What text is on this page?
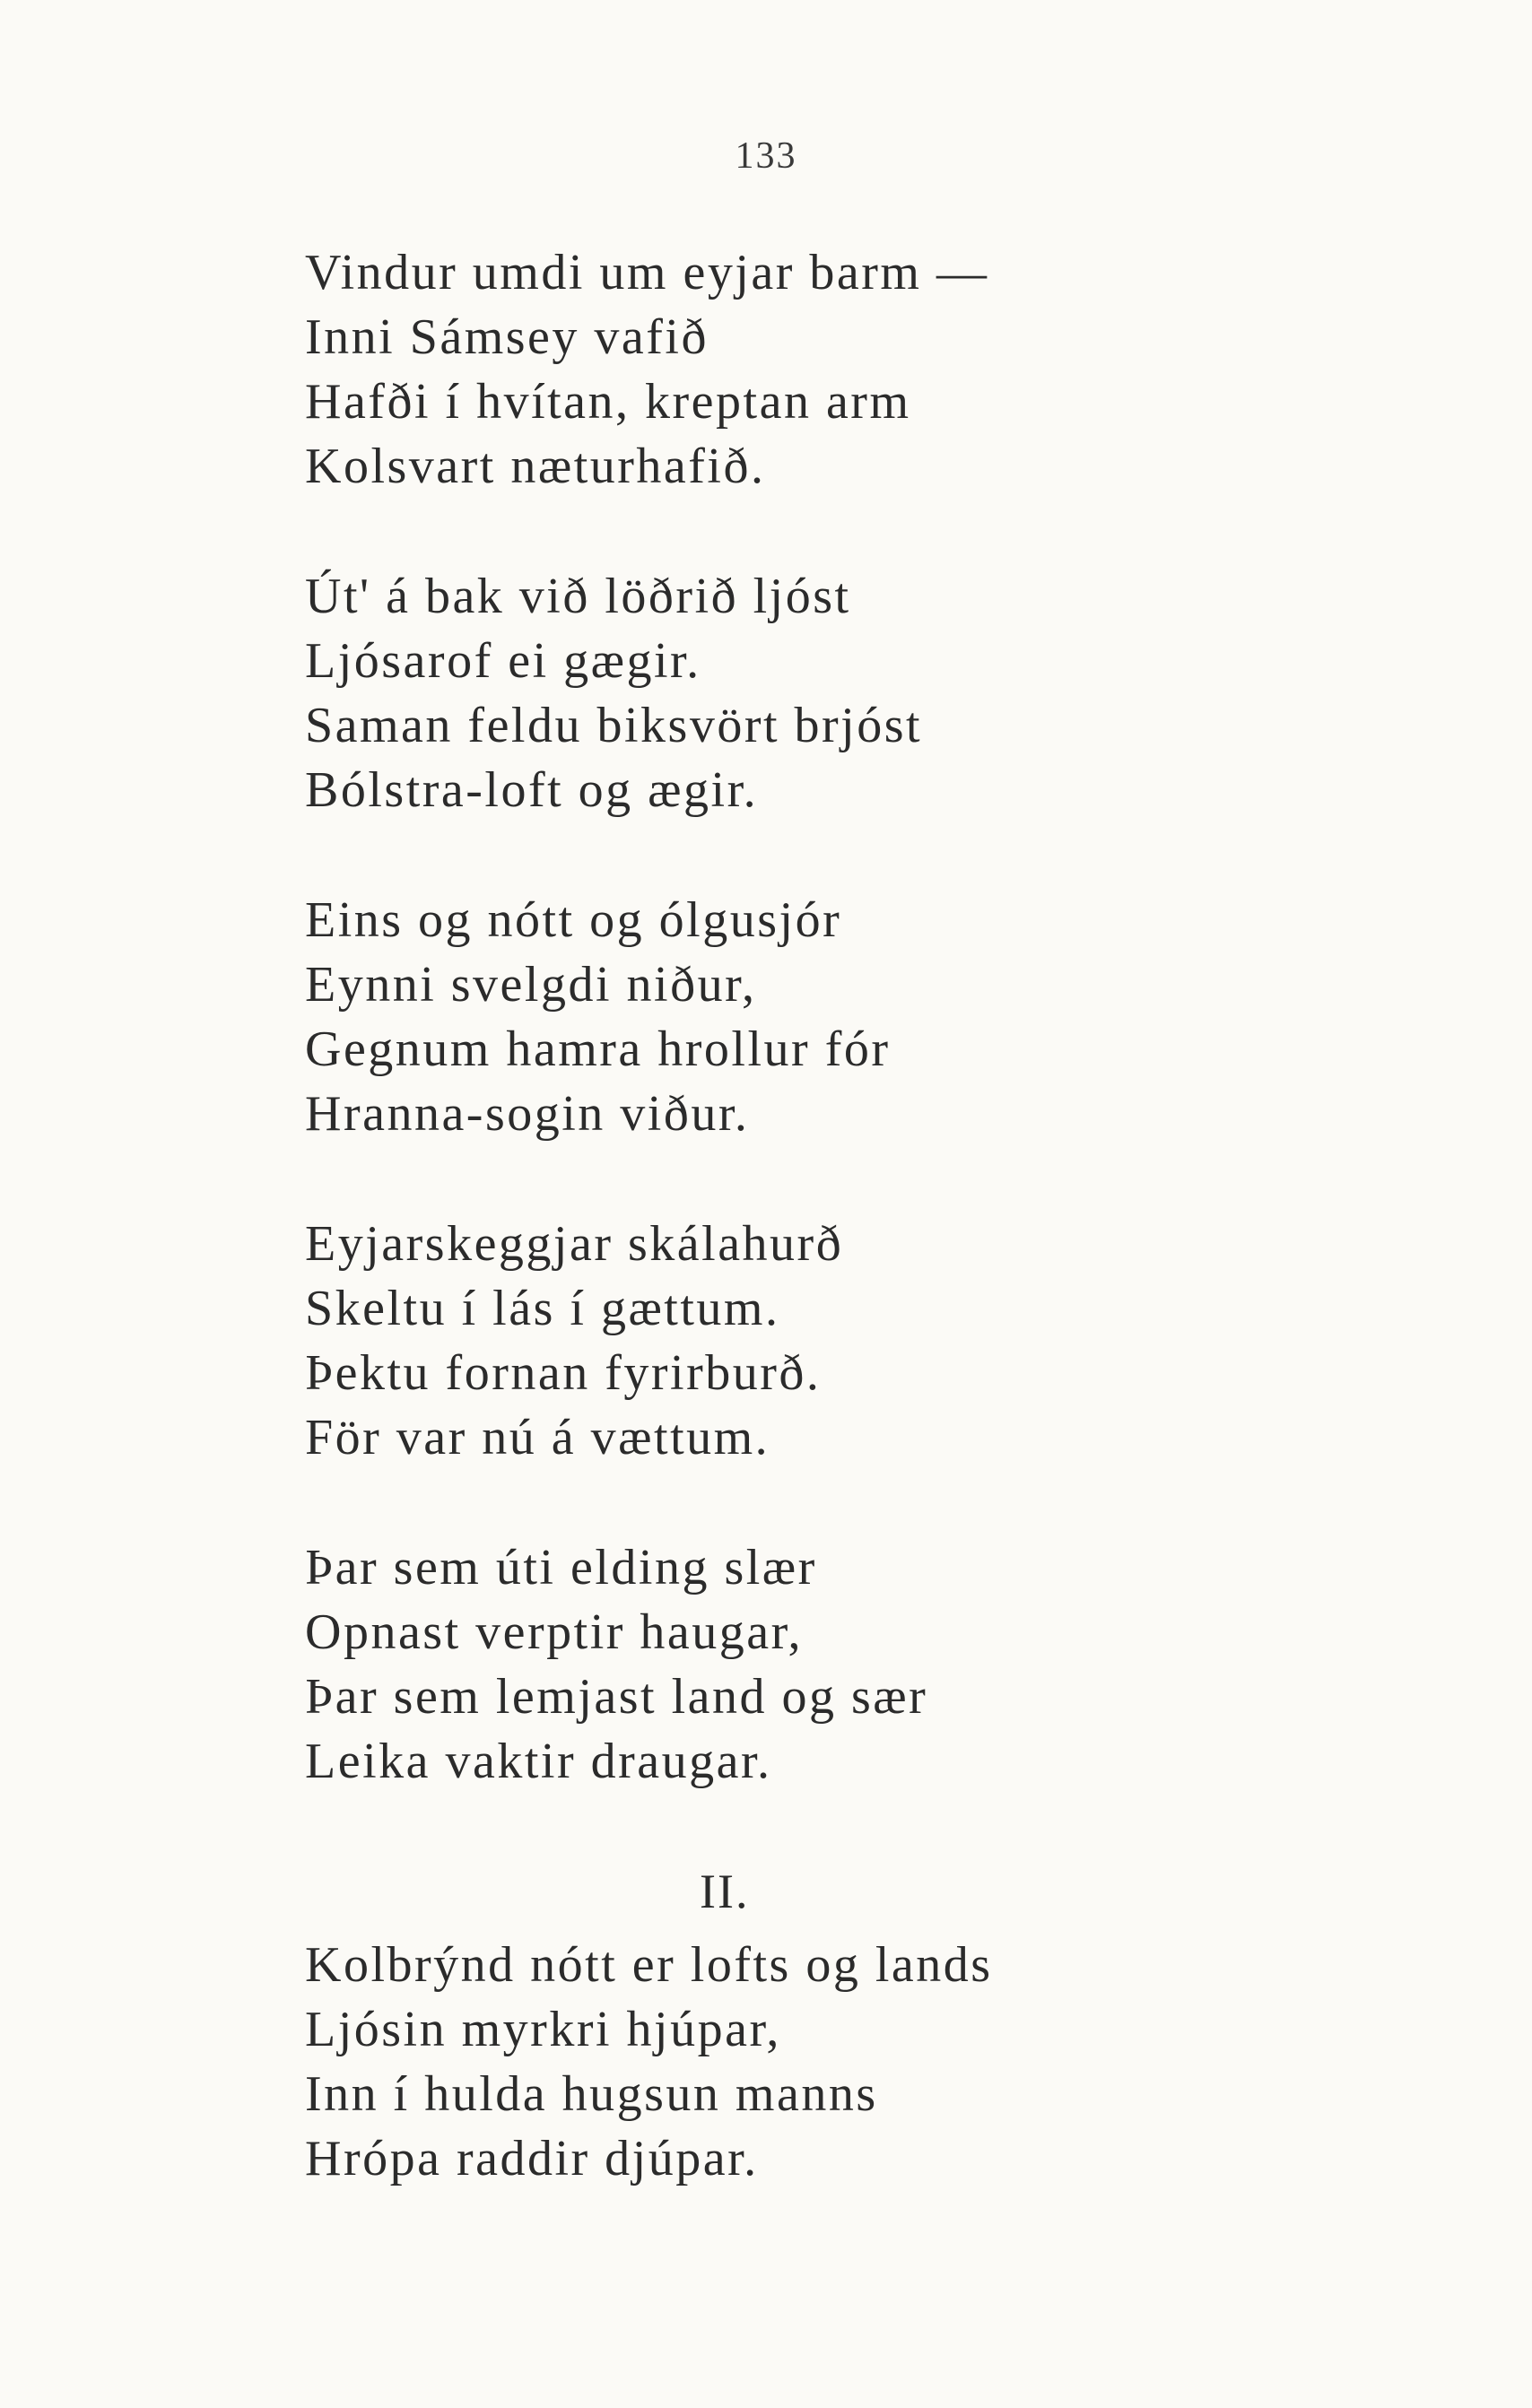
133
Vindur umdi um eyjar barm —
Inni Sámsey vafið
Hafði í hvítan, kreptan arm
Kolsvart næturhafið.
Út' á bak við löðrið ljóst
Ljósarof ei gægir.
Saman feldu biksvört brjóst
Bólstra-loft og ægir.
Eins og nótt og ólgusjór
Eynni svelgdi niður,
Gegnum hamra hrollur fór
Hranna-sogin viður.
Eyjarskeggjar skálahurð
Skeltu í lás í gættum.
Þektu fornan fyrirburð.
För var nú á vættum.
Þar sem úti elding slær
Opnast verptir haugar,
Þar sem lemjast land og sær
Leika vaktir draugar.
II.
Kolbrýnd nótt er lofts og lands
Ljósin myrkri hjúpar,
Inn í hulda hugsun manns
Hrópa raddir djúpar.
